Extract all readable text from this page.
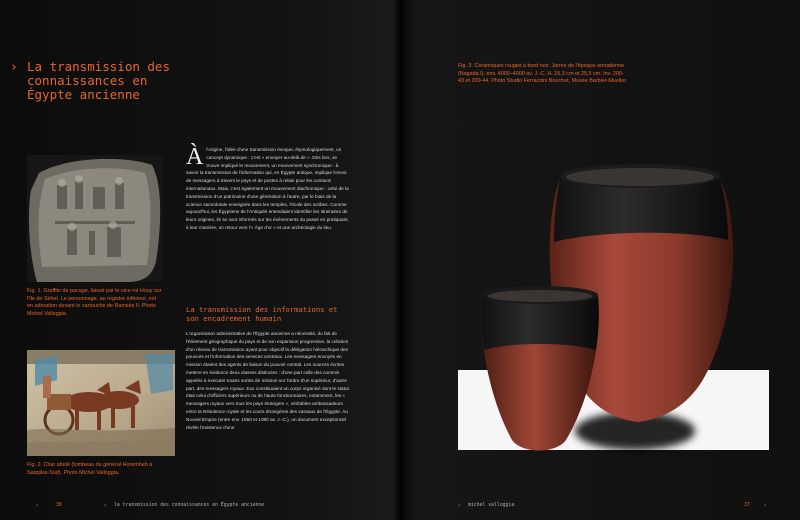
› La transmission des connaissances en Égypte ancienne
Fig. 1. Graffito de pacage, laissé par le vice-roi Houy sur l'île de Séhel. Le personnage, au registre inférieur, est en adoration devant le cartouche de Ramsès II. Photo Michel Valloggia.
Fig. 2. Char attelé (tombeau du général Horemheb à Saqqâra-Sud). Photo Michel Valloggia.
Àl'origine, l'idée d'une transmission évoque, étymologiquement, un concept dynamique : c'est « envoyer au-delà de ». Dès lors, se trouve impliqué le mouvement, un mouvement synchronique : à savoir la transmission de l'information qui, en Égypte antique, implique l'envoi de messagers à travers le pays et de postes à relais pour les contacts internationaux. Mais, c'est également un mouvement diachronique : celui de la transmission d'un patrimoine d'une génération à l'autre, par le biais de la science sacerdotale enseignée dans les temples, l'école des scribes. Comme aujourd'hui, les Égyptiens de l'Antiquité entendaient identifier les itinéraires de leurs origines, ils se sont informés sur les événements du passé en pratiquant, à leur manière, un retour vers l'« Âge d'or » et une archéologie du lieu.
La transmission des informations et son encadrement humain
L'organisation administrative de l'Égypte ancienne a nécessité, du fait de l'étirement géographique du pays et de son expansion progressive, la création d'un réseau de transmission ayant pour objectif la délégation hiérarchique des pouvoirs et l'information des services centraux. Les messagers envoyés en mission étaient des agents de liaison du pouvoir central. Les sources écrites mettent en évidence deux classes distinctes : d'une part celle des commis appelés à exécuter toutes sortes de mission sur l'ordre d'un supérieur, d'autre part, des messagers royaux. Eux constituaient un corps organisé dont le statut était celui d'officiers supérieurs ou de haute fonctionnaires, notamment, les « messagers royaux vers tous les pays étrangers », véritables ambassadeurs entre la Résidence royale et les cours étrangères des vassaux de l'Égypte. Au Nouvel Empire (entre env. 1550 et 1080 av. J.-C.), un document exceptionnel révèle l'existence d'une
›	36	› la transmission des connaissances en Égypte ancienne
Fig. 3. Céramiques rouges à bord noir. Jarres de l'époque amratienne (Nagada I), env. 4000–4000 av. J.-C. H. 15,3 cm et 25,5 cm. Inv. 200-43 et 200-44. Photo Studio Ferrazzini Bouchet, Musée Barbier-Mueller.
› michel valloggia	37 ›
